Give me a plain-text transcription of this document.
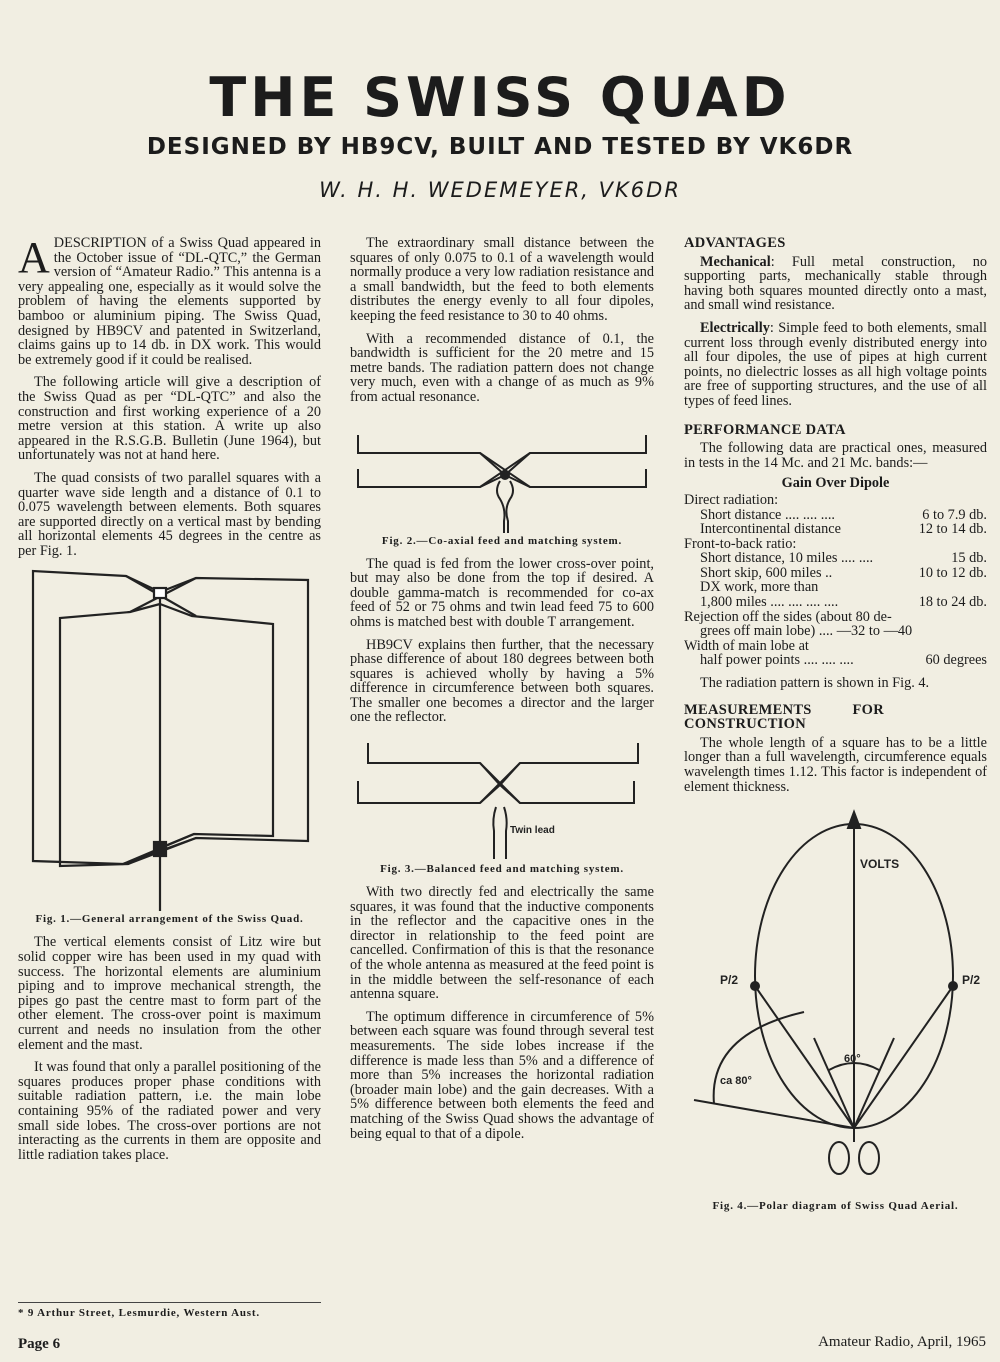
THE SWISS QUAD
DESIGNED BY HB9CV, BUILT AND TESTED BY VK6DR
W. H. H. WEDEMEYER, VK6DR

ADESCRIPTION of a Swiss Quad appeared in the October issue of “DL-QTC,” the German version of “Amateur Radio.” This antenna is a very appealing one, especially as it would solve the problem of having the elements supported by bamboo or aluminium piping. The Swiss Quad, designed by HB9CV and patented in Switzerland, claims gains up to 14 db. in DX work. This would be extremely good if it could be realised.

The following article will give a description of the Swiss Quad as per “DL-QTC” and also the construction and first working experience of a 20 metre version at this station. A write up also appeared in the R.S.G.B. Bulletin (June 1964), but unfortunately was not at hand here.

The quad consists of two parallel squares with a quarter wave side length and a distance of 0.1 to 0.075 wavelength between elements. Both squares are supported directly on a vertical mast by bending all horizontal elements 45 degrees in the centre as per Fig. 1.

Fig. 1.—General arrangement of the Swiss Quad.

The vertical elements consist of Litz wire but solid copper wire has been used in my quad with success. The horizontal elements are aluminium piping and to improve mechanical strength, the pipes go past the centre mast to form part of the other element. The cross-over point is maximum current and needs no insulation from the other element and the mast.

It was found that only a parallel positioning of the squares produces proper phase conditions with suitable radiation pattern, i.e. the main lobe containing 95% of the radiated power and very small side lobes. The cross-over portions are not interacting as the currents in them are opposite and little radiation takes place.

The extraordinary small distance between the squares of only 0.075 to 0.1 of a wavelength would normally produce a very low radiation resistance and a small bandwidth, but the feed to both elements distributes the energy evenly to all four dipoles, keeping the feed resistance to 30 to 40 ohms.

With a recommended distance of 0.1, the bandwidth is sufficient for the 20 metre and 15 metre bands. The radiation pattern does not change very much, even with a change of as much as 9% from actual resonance.

Fig. 2.—Co-axial feed and matching system.

The quad is fed from the lower cross-over point, but may also be done from the top if desired. A double gamma-match is recommended for co-ax feed of 52 or 75 ohms and twin lead feed 75 to 600 ohms is matched best with double T arrangement.

HB9CV explains then further, that the necessary phase difference of about 180 degrees between both squares is achieved wholly by having a 5% difference in circumference between both squares. The smaller one becomes a director and the larger one the reflector.

Twin lead
Fig. 3.—Balanced feed and matching system.

With two directly fed and electrically the same squares, it was found that the inductive components in the reflector and the capacitive ones in the director in relationship to the feed point are cancelled. Confirmation of this is that the resonance of the whole antenna as measured at the feed point is in the middle between the self-resonance of each antenna square.

The optimum difference in circumference of 5% between each square was found through several test measurements. The side lobes increase if the difference is made less than 5% and a difference of more than 5% increases the horizontal radiation (broader main lobe) and the gain decreases. With a 5% difference between both elements the feed and matching of the Swiss Quad shows the advantage of being equal to that of a dipole.

ADVANTAGES

Mechanical: Full metal construction, no supporting parts, mechanically stable through having both squares mounted directly onto a mast, and small wind resistance.

Electrically: Simple feed to both elements, small current loss through evenly distributed energy into all four dipoles, the use of pipes at high current points, no dielectric losses as all high voltage points are free of supporting structures, and the use of all types of feed lines.

PERFORMANCE DATA

The following data are practical ones, measured in tests in the 14 Mc. and 21 Mc. bands:—

Gain Over Dipole
Direct radiation:
Short distance .... .... ....	6 to 7.9 db.
Intercontinental distance	12 to 14 db.
Front-to-back ratio:
Short distance, 10 miles .... ....	15 db.
Short skip, 600 miles ..	10 to 12 db.
DX work, more than
1,800 miles .... .... .... ....	18 to 24 db.
Rejection off the sides (about 80 de-
grees off main lobe) .... —32 to —40
Width of main lobe at
half power points .... .... ....	60 degrees

The radiation pattern is shown in Fig. 4.

MEASUREMENTS FOR CONSTRUCTION

The whole length of a square has to be a little longer than a full wavelength, circumference equals wavelength times 1.12. This factor is independent of element thickness.

VOLTS
P/2	P/2
60°
ca 80°
Fig. 4.—Polar diagram of Swiss Quad Aerial.
* 9 Arthur Street, Lesmurdie, Western Aust.
Page 6	Amateur Radio, April, 1965
